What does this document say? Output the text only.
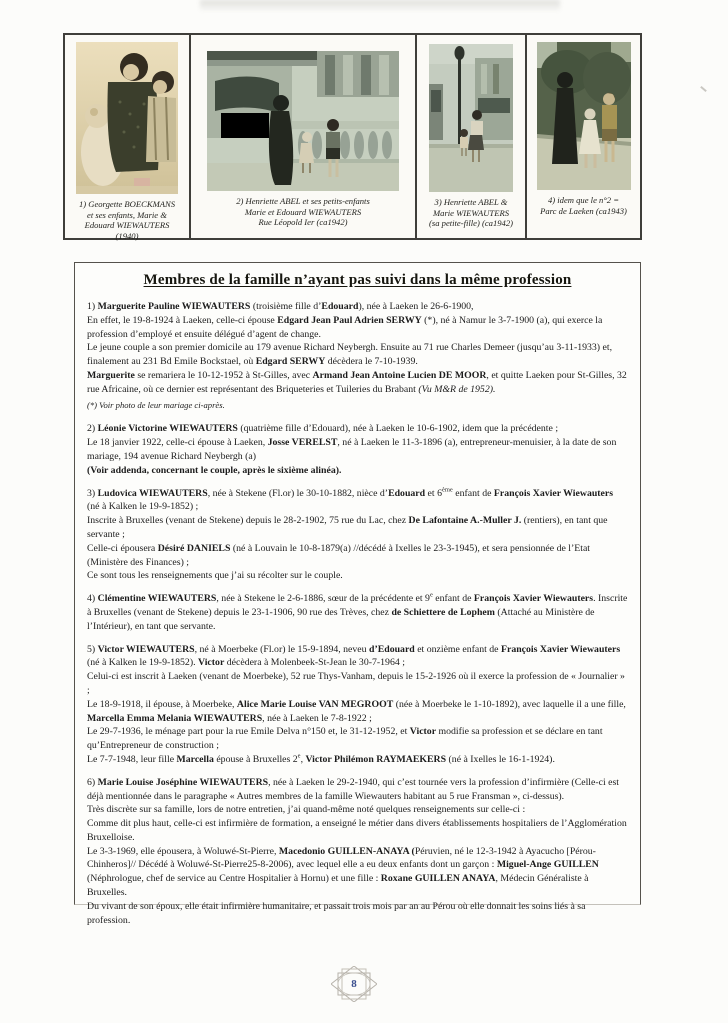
1) Georgette BOECKMANS
et ses enfants, Marie &
Edouard WIEWAUTERS
(1940)
2) Henriette ABEL et ses petits-enfants
Marie et Edouard WIEWAUTERS
Rue Léopold Ier (ca1942)
3) Henriette ABEL &
Marie WIEWAUTERS
(sa petite-fille) (ca1942)
4) idem que le n°2 =
Parc de Laeken (ca1943)
Membres de la famille n’ayant pas suivi dans la même profession

1) Marguerite Pauline WIEWAUTERS (troisième fille d’Edouard), née à Laeken le 26-6-1900,
En effet, le 19-8-1924 à Laeken, celle-ci épouse Edgard Jean Paul Adrien SERWY (*), né à Namur le 3-7-1900 (a), qui exerce la profession d’employé et ensuite délégué d’agent de change.
Le jeune couple a son premier domicile au 179 avenue Richard Neybergh. Ensuite au 71 rue Charles Demeer (jusqu’au 3-11-1933) et, finalement au 231 Bd Emile Bockstael, où Edgard SERWY décèdera le 7-10-1939.
Marguerite se remariera le 10-12-1952 à St-Gilles, avec Armand Jean Antoine Lucien DE MOOR, et quitte Laeken pour St-Gilles, 32 rue Africaine, où ce dernier est représentant des Briqueteries et Tuileries du Brabant (Vu M&R de 1952).

(*) Voir photo de leur mariage ci-après.

2) Léonie Victorine WIEWAUTERS (quatrième fille d’Edouard), née à Laeken le 10-6-1902, idem que la précédente ;
Le 18 janvier 1922, celle-ci épouse à Laeken, Josse VERELST, né à Laeken le 11-3-1896 (a), entrepreneur-menuisier, à la date de son mariage, 194 avenue Richard Neybergh (a)
(Voir addenda, concernant le couple, après le sixième alinéa).

3) Ludovica WIEWAUTERS, née à Stekene (Fl.or) le 30-10-1882, nièce d’Edouard et 6ème enfant de François Xavier Wiewauters (né à Kalken le 19-9-1852) ;
Inscrite à Bruxelles (venant de Stekene) depuis le 28-2-1902, 75 rue du Lac, chez De Lafontaine A.-Muller J. (rentiers), en tant que servante ;
Celle-ci épousera Désiré DANIELS (né à Louvain le 10-8-1879(a) //décédé à Ixelles le 23-3-1945), et sera pensionnée de l’Etat (Ministère des Finances) ;
Ce sont tous les renseignements que j’ai su récolter sur le couple.

4) Clémentine WIEWAUTERS, née à Stekene le 2-6-1886, sœur de la précédente et 9e enfant de François Xavier Wiewauters. Inscrite à Bruxelles (venant de Stekene) depuis le 23-1-1906, 90 rue des Trèves, chez de Schiettere de Lophem (Attaché au Ministère de l’Intérieur), en tant que servante.

5) Victor WIEWAUTERS, né à Moerbeke (Fl.or) le 15-9-1894, neveu d’Edouard et onzième enfant de François Xavier Wiewauters (né à Kalken le 19-9-1852). Victor décèdera à Molenbeek-St-Jean le 30-7-1964 ;
Celui-ci est inscrit à Laeken (venant de Moerbeke), 52 rue Thys-Vanham, depuis le 15-2-1926 où il exerce la profession de « Journalier » ;
Le 18-9-1918, il épouse, à Moerbeke, Alice Marie Louise VAN MEGROOT (née à Moerbeke le 1-10-1892), avec laquelle il a une fille, Marcella Emma Melania WIEWAUTERS, née à Laeken le 7-8-1922 ;
Le 29-7-1936, le ménage part pour la rue Emile Delva n°150 et, le 31-12-1952, et Victor modifie sa profession et se déclare en tant qu’Entrepreneur de construction ;
Le 7-7-1948, leur fille Marcella épouse à Bruxelles 2e, Victor Philémon RAYMAEKERS (né à Ixelles le 16-1-1924).

6) Marie Louise Joséphine WIEWAUTERS, née à Laeken le 29-2-1940, qui c’est tournée vers la profession d’infirmière (Celle-ci est déjà mentionnée dans le paragraphe « Autres membres de la famille Wiewauters habitant au 5 rue Fransman », ci-dessus).
Très discrète sur sa famille, lors de notre entretien, j’ai quand-même noté quelques renseignements sur celle-ci :
Comme dit plus haut, celle-ci est infirmière de formation, a enseigné le métier dans divers établissements hospitaliers de l’Agglomération Bruxelloise.
Le 3-3-1969, elle épousera, à Woluwé-St-Pierre, Macedonio GUILLEN-ANAYA (Péruvien, né le 12-3-1942 à Ayacucho [Pérou-Chinheros]// Décédé à Woluwé-St-Pierre25-8-2006), avec lequel elle a eu deux enfants dont un garçon : Miguel-Ange GUILLEN (Néphrologue, chef de service au Centre Hospitalier à Hornu) et une fille : Roxane GUILLEN ANAYA, Médecin Généraliste à Bruxelles.
Du vivant de son époux, elle était infirmière humanitaire, et passait trois mois par an au Pérou où elle donnait les soins liés à sa profession.

8
